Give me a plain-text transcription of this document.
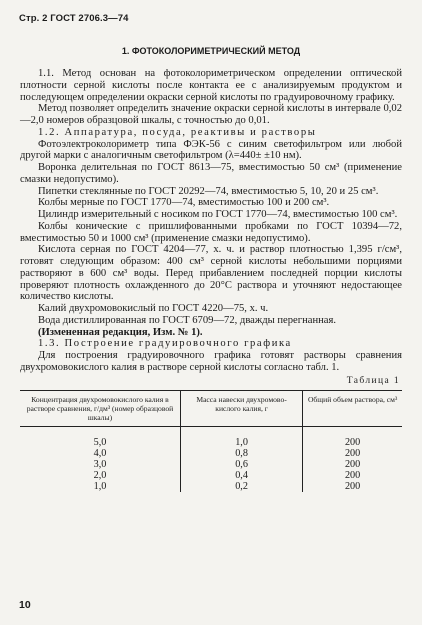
Стр. 2 ГОСТ 2706.3—74
1. ФОТОКОЛОРИМЕТРИЧЕСКИЙ МЕТОД

1.1. Метод основан на фотоколориметрическом определении оптической плотности серной кислоты после контакта ее с анализируемым продуктом и последующем определении окраски серной кислоты по градуировочному графику.

Метод позволяет определить значение окраски серной кислоты в интервале 0,02—2,0 номеров образцовой шкалы, с точностью до 0,01.

1.2. Аппаратура, посуда, реактивы и растворы

Фотоэлектроколориметр типа ФЭК-56 с синим светофильтром или любой другой марки с аналогичным светофильтром (λ=440± ±10 нм).

Воронка делительная по ГОСТ 8613—75, вместимостью 50 см³ (применение смазки недопустимо).

Пипетки стеклянные по ГОСТ 20292—74, вместимостью 5, 10, 20 и 25 см³.

Колбы мерные по ГОСТ 1770—74, вместимостью 100 и 200 см³.

Цилиндр измерительный с носиком по ГОСТ 1770—74, вместимостью 100 см³.

Колбы конические с пришлифованными пробками по ГОСТ 10394—72, вместимостью 50 и 1000 см³ (применение смазки недопустимо).

Кислота серная по ГОСТ 4204—77, х. ч. и раствор плотностью 1,395 г/см³, готовят следующим образом: 400 см³ серной кислоты небольшими порциями растворяют в 600 см³ воды. Перед прибавлением последней порции кислоты проверяют плотность охлажденного до 20°С раствора и уточняют недостающее количество кислоты.

Калий двухромовокислый по ГОСТ 4220—75, х. ч.

Вода дистиллированная по ГОСТ 6709—72, дважды перегнанная.

(Измененная редакция, Изм. № 1).

1.3. Построение градуировочного графика

Для построения градуировочного графика готовят растворы сравнения двухромовокислого калия в растворе серной кислоты согласно табл. 1.

Таблица 1
Концентрация двухромовокислого калия в растворе сравнения, г/дм³ (номер образцовой шкалы)	Масса навески двухромово-кислого калия, г	Общий объем раствора, см³
5,0	1,0	200
4,0	0,8	200
3,0	0,6	200
2,0	0,4	200
1,0	0,2	200
10
